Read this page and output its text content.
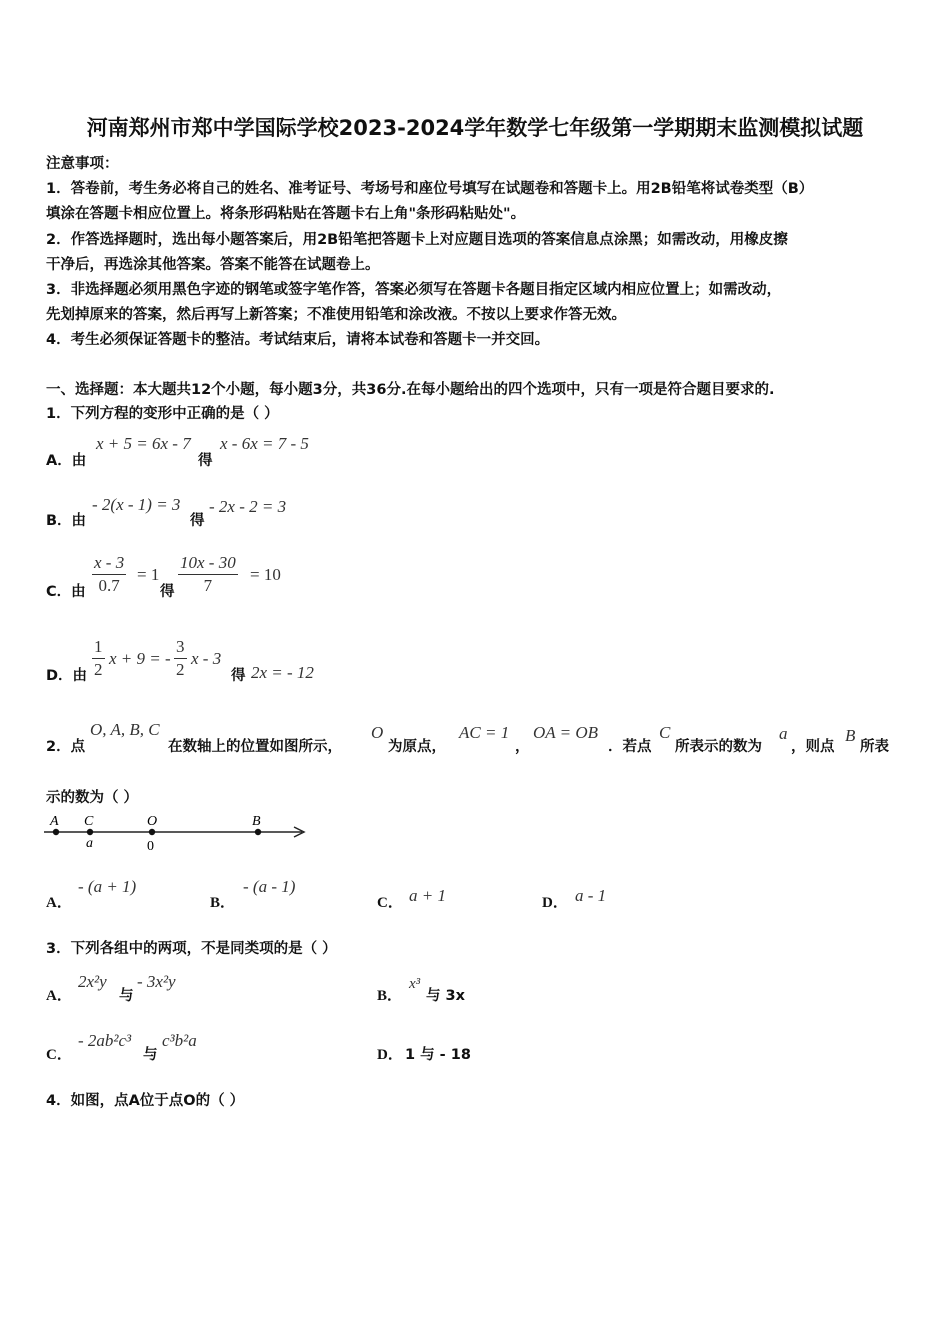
河南郑州市郑中学国际学校2023-2024学年数学七年级第一学期期末监测模拟试题
注意事项：
1．答卷前，考生务必将自己的姓名、准考证号、考场号和座位号填写在试题卷和答题卡上。用2B铅笔将试卷类型（B）
填涂在答题卡相应位置上。将条形码粘贴在答题卡右上角"条形码粘贴处"。
2．作答选择题时，选出每小题答案后，用2B铅笔把答题卡上对应题目选项的答案信息点涂黑；如需改动，用橡皮擦
干净后，再选涂其他答案。答案不能答在试题卷上。
3．非选择题必须用黑色字迹的钢笔或签字笔作答，答案必须写在答题卡各题目指定区域内相应位置上；如需改动，
先划掉原来的答案，然后再写上新答案；不准使用铅笔和涂改液。不按以上要求作答无效。
4．考生必须保证答题卡的整洁。考试结束后，请将本试卷和答题卡一并交回。
一、选择题：本大题共12个小题，每小题3分，共36分.在每小题给出的四个选项中，只有一项是符合题目要求的.
1．下列方程的变形中正确的是（ ）
A．由
x + 5 = 6x - 7
得
x - 6x = 7 - 5
B．由
- 2(x - 1) = 3
得
- 2x - 2 = 3
C．由 $\frac{x - 3}{0.7} = 1$
得 $\frac{10x - 30}{7} = 10$
D．由 $\frac{1}{2}$ x + 9 = - $\frac{3}{2}$ x - 3
得 2x = - 12
2．点
O, A, B, C
在数轴上的位置如图所示，
O
为原点，
AC = 1
，
OA = OB
．若点
C
所表示的数为
a
，则点
B
所表
示的数为（ ）
A C	O	B
a	0
A．
- (a + 1)
B．
- (a - 1)
C． a + 1	D． a - 1
3．下列各组中的两项，不是同类项的是（ ）
A．
2x²y
与
- 3x²y
B．
x³
与 3x
C．
- 2ab²c³
与
c³b²a
D． 1 与 - 18
4．如图，点A位于点O的（ ）
